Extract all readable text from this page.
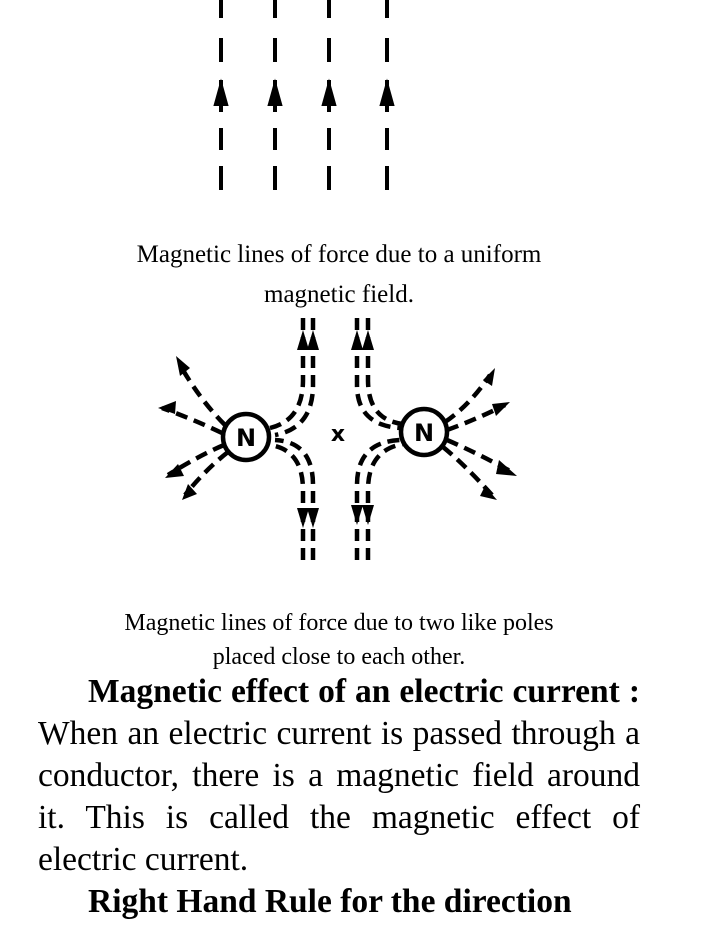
N	N
x
Magnetic lines of force due to a uniform
magnetic field.
Magnetic lines of force due to two like poles
placed close to each other.

Magnetic effect of an electric current : When an electric current is passed through a conductor, there is a magnetic field around it. This is called the magnetic effect of electric current.

Right Hand Rule for the direction
